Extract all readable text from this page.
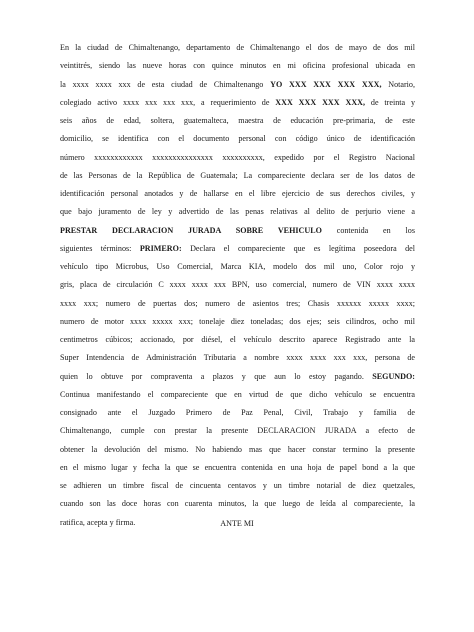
En la ciudad de Chimaltenango, departamento de Chimaltenango el dos de mayo de dos mil
veintitrés, siendo las nueve horas con quince minutos en mi oficina profesional ubicada en
la xxxx xxxx xxx de esta ciudad de Chimaltenango YO XXX XXX XXX XXX, Notario,
colegiado activo xxxx xxx xxx xxx, a requerimiento de XXX XXX XXX XXX, de treinta y
seis años de edad, soltera, guatemalteca, maestra de educación pre-primaria, de este
domicilio, se identifica con el documento personal con código único de identificación
número xxxxxxxxxxxx xxxxxxxxxxxxxxx xxxxxxxxxx, expedido por el Registro Nacional
de las Personas de la República de Guatemala; La compareciente declara ser de los datos de
identificación personal anotados y de hallarse en el libre ejercicio de sus derechos civiles, y
que bajo juramento de ley y advertido de las penas relativas al delito de perjurio viene a
PRESTAR DECLARACION JURADA SOBRE VEHICULO contenida en los
siguientes términos: PRIMERO: Declara el compareciente que es legítima poseedora del
vehículo tipo Microbus, Uso Comercial, Marca KIA, modelo dos mil uno, Color rojo y
gris, placa de circulación C xxxx xxxx xxx BPN, uso comercial, numero de VIN xxxx xxxx
xxxx xxx; numero de puertas dos; numero de asientos tres; Chasis xxxxxx xxxxx xxxx;
numero de motor xxxx xxxxx xxx; tonelaje diez toneladas; dos ejes; seis cilindros, ocho mil
centimetros cúbicos; accionado, por diésel, el vehículo descrito aparece Registrado ante la
Super Intendencia de Administración Tributaria a nombre xxxx xxxx xxx xxx, persona de
quien lo obtuve por compraventa a plazos y que aun lo estoy pagando. SEGUNDO:
Continua manifestando el compareciente que en virtud de que dicho vehículo se encuentra
consignado ante el Juzgado Primero de Paz Penal, Civil, Trabajo y familia de
Chimaltenango, cumple con prestar la presente DECLARACION JURADA a efecto de
obtener la devolución del mismo. No habiendo mas que hacer constar termino la presente
en el mismo lugar y fecha la que se encuentra contenida en una hoja de papel bond a la que
se adhieren un timbre fiscal de cincuenta centavos y un timbre notarial de diez quetzales,
cuando son las doce horas con cuarenta minutos, la que luego de leída al compareciente, la
ratifica, acepta y firma.	ANTE MI
